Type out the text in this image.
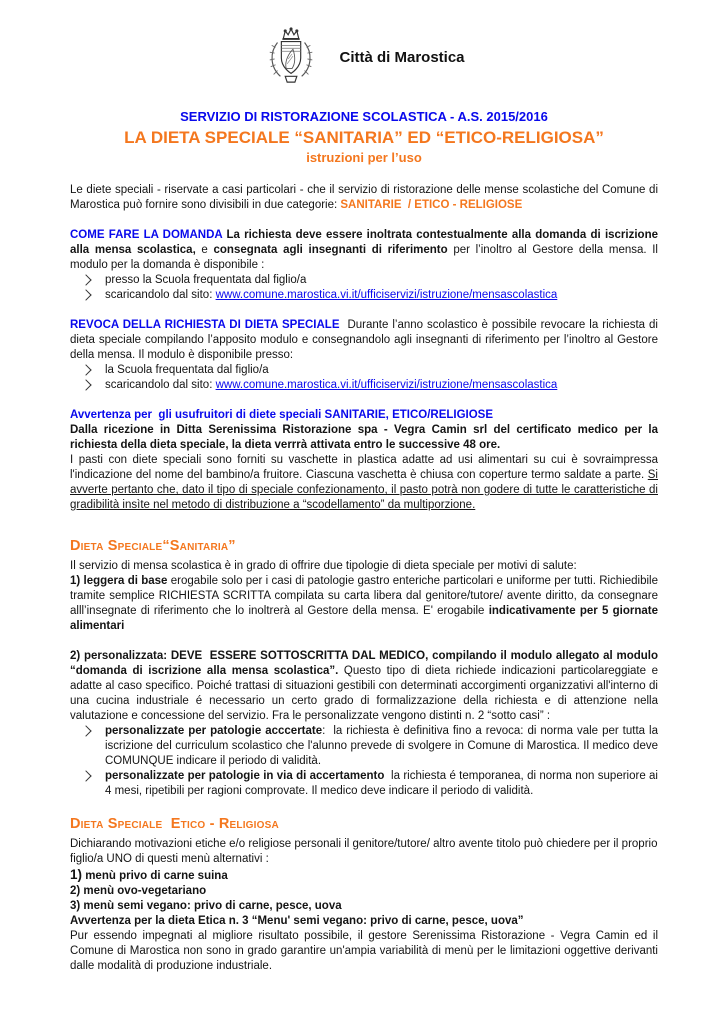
Città di Marostica
SERVIZIO DI RISTORAZIONE SCOLASTICA - A.S. 2015/2016
LA DIETA SPECIALE “SANITARIA” ED “ETICO-RELIGIOSA”
istruzioni per l’uso

Le diete speciali - riservate a casi particolari - che il servizio di ristorazione delle mense scolastiche del Comune di Marostica può fornire sono divisibili in due categorie: SANITARIE  / ETICO - RELIGIOSE

COME FARE LA DOMANDA La richiesta deve essere inoltrata contestualmente alla domanda di iscrizione alla mensa scolastica, e consegnata agli insegnanti di riferimento per l’inoltro al Gestore della mensa. Il modulo per la domanda è disponibile :

presso la Scuola frequentata dal figlio/a
scaricandolo dal sito: www.comune.marostica.vi.it/ufficiservizi/istruzione/mensascolastica

REVOCA DELLA RICHIESTA DI DIETA SPECIALE  Durante l’anno scolastico è possibile revocare la richiesta di dieta speciale compilando l’apposito modulo e consegnandolo agli insegnanti di riferimento per l’inoltro al Gestore della mensa. Il modulo è disponibile presso:

la Scuola frequentata dal figlio/a
scaricandolo dal sito: www.comune.marostica.vi.it/ufficiservizi/istruzione/mensascolastica
Avvertenza per  gli usufruitori di diete speciali SANITARIE, ETICO/RELIGIOSE
Dalla ricezione in Ditta Serenissima Ristorazione spa - Vegra Camin srl del certificato medico per la richiesta della dieta speciale, la dieta verrrà attivata entro le successive 48 ore.
I pasti con diete speciali sono forniti su vaschette in plastica adatte ad usi alimentari su cui è sovraimpressa l'indicazione del nome del bambino/a fruitore. Ciascuna vaschetta è chiusa con coperture termo saldate a parte. Si avverte pertanto che, dato il tipo di speciale confezionamento, il pasto potrà non godere di tutte le caratteristiche di gradibilità insìte nel metodo di distribuzione a “scodellamento” da multiporzione.
Dieta Speciale“Sanitaria”

Il servizio di mensa scolastica è in grado di offrire due tipologie di dieta speciale per motivi di salute:

1) leggera di base erogabile solo per i casi di patologie gastro enteriche particolari e uniforme per tutti. Richiedibile tramite semplice RICHIESTA SCRITTA compilata su carta libera dal genitore/tutore/ avente diritto, da consegnare alll’insegnate di riferimento che lo inoltrerà al Gestore della mensa. E' erogabile indicativamente per 5 giornate alimentari

2) personalizzata: DEVE  ESSERE SOTTOSCRITTA DAL MEDICO, compilando il modulo allegato al modulo “domanda di iscrizione alla mensa scolastica”. Questo tipo di dieta richiede indicazioni particolareggiate e adatte al caso specifico. Poiché trattasi di situazioni gestibili con determinati accorgimenti organizzativi all'interno di una cucina industriale é necessario un certo grado di formalizzazione della richiesta e di attenzione nella valutazione e concessione del servizio. Fra le personalizzate vengono distinti n. 2 “sotto casi” :

personalizzate per patologie acccertate:  la richiesta è definitiva fino a revoca: di norma vale per tutta la iscrizione del curriculum scolastico che l'alunno prevede di svolgere in Comune di Marostica. Il medico deve COMUNQUE indicare il periodo di validità.
personalizzate per patologie in via di accertamento  la richiesta é temporanea, di norma non superiore ai 4 mesi, ripetibili per ragioni comprovate. Il medico deve indicare il periodo di validità.
Dieta Speciale  Etico - Religiosa

Dichiarando motivazioni etiche e/o religiose personali il genitore/tutore/ altro avente titolo può chiedere per il proprio figlio/a UNO di questi menù alternativi :

1) menù privo di carne suina
2) menù ovo-vegetariano
3) menù semi vegano: privo di carne, pesce, uova
Avvertenza per la dieta Etica n. 3 “Menu' semi vegano: privo di carne, pesce, uova”

Pur essendo impegnati al migliore risultato possibile, il gestore Serenissima Ristorazione - Vegra Camin ed il Comune di Marostica non sono in grado garantire un'ampia variabilità di menù per le limitazioni oggettive derivanti dalle modalità di produzione industriale.
